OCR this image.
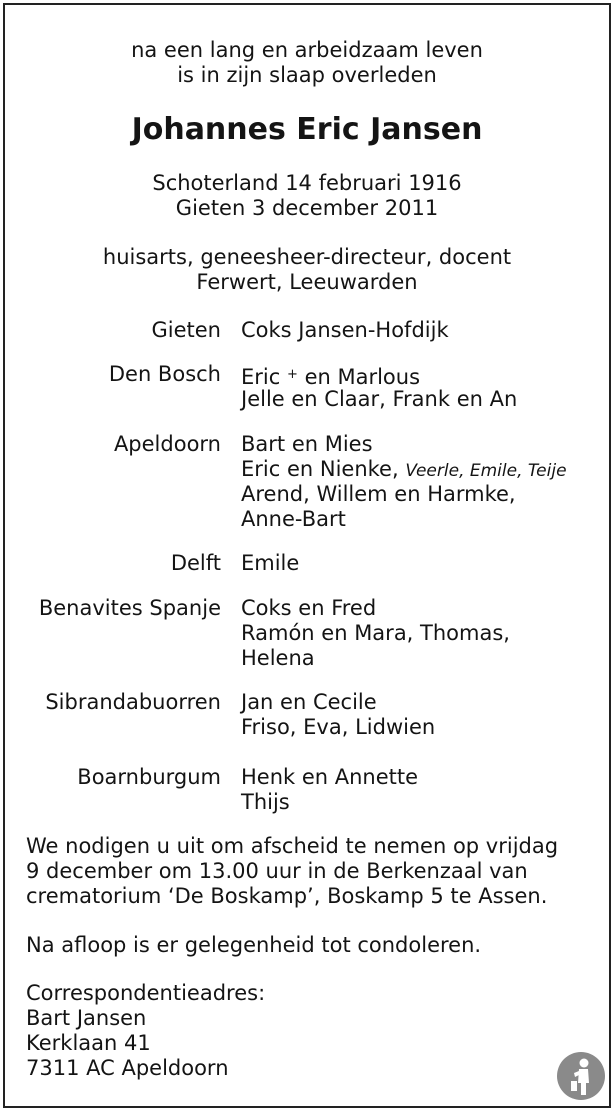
na een lang en arbeidzaam leven
is in zijn slaap overleden
Johannes Eric Jansen
Schoterland 14 februari 1916
Gieten 3 december 2011
huisarts, geneesheer-directeur, docent
Ferwert, Leeuwarden
Gieten Coks Jansen-Hofdijk
Den Bosch Eric + en Marlous
Jelle en Claar, Frank en An
Apeldoorn Bart en Mies
Eric en Nienke, Veerle, Emile, Teije
Arend, Willem en Harmke,
Anne-Bart
Delft Emile
Benavites Spanje Coks en Fred
Ramón en Mara, Thomas,
Helena
Sibrandabuorren Jan en Cecile
Friso, Eva, Lidwien
Boarnburgum Henk en Annette
Thijs
We nodigen u uit om afscheid te nemen op vrijdag
9 december om 13.00 uur in de Berkenzaal van
crematorium ‘De Boskamp’, Boskamp 5 te Assen.
Na afloop is er gelegenheid tot condoleren.
Correspondentieadres:
Bart Jansen
Kerklaan 41
7311 AC Apeldoorn
